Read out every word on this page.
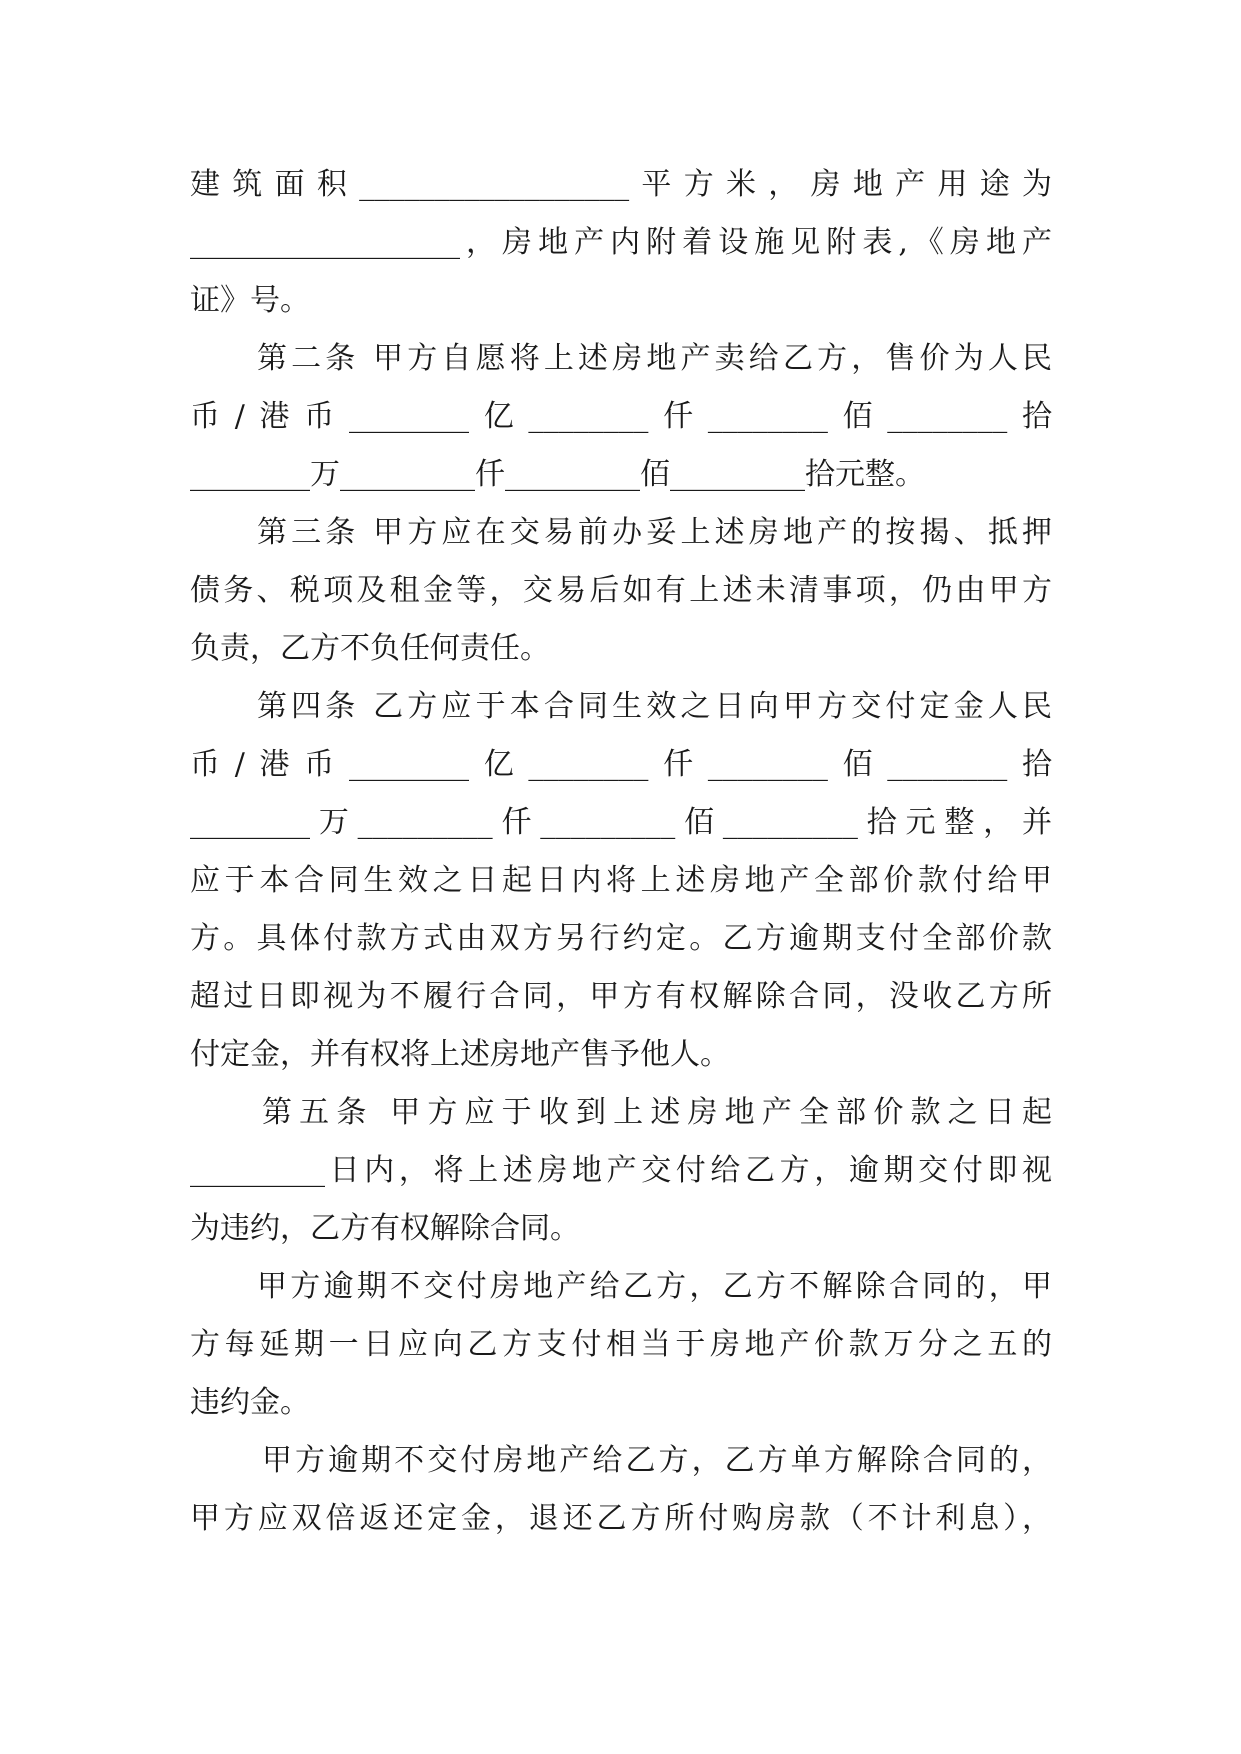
建筑面积__________________平方米，房地产用途为
__________________，房地产内附着设施见附表,《房地产
证》号。
第二条 甲方自愿将上述房地产卖给乙方，售价为人民
币/港币________亿________仟________佰________拾
________万_________仟_________佰_________拾元整。
第三条 甲方应在交易前办妥上述房地产的按揭、抵押
债务、税项及租金等，交易后如有上述未清事项，仍由甲方
负责，乙方不负任何责任。
第四条 乙方应于本合同生效之日向甲方交付定金人民
币/港币________亿________仟________佰________拾
________万_________仟_________佰_________拾元整，并
应于本合同生效之日起日内将上述房地产全部价款付给甲
方。具体付款方式由双方另行约定。乙方逾期支付全部价款
超过日即视为不履行合同，甲方有权解除合同，没收乙方所
付定金，并有权将上述房地产售予他人。
第五条 甲方应于收到上述房地产全部价款之日起
_________日内，将上述房地产交付给乙方，逾期交付即视
为违约，乙方有权解除合同。
甲方逾期不交付房地产给乙方，乙方不解除合同的，甲
方每延期一日应向乙方支付相当于房地产价款万分之五的
违约金。
甲方逾期不交付房地产给乙方，乙方单方解除合同的，
甲方应双倍返还定金，退还乙方所付购房款（不计利息），
